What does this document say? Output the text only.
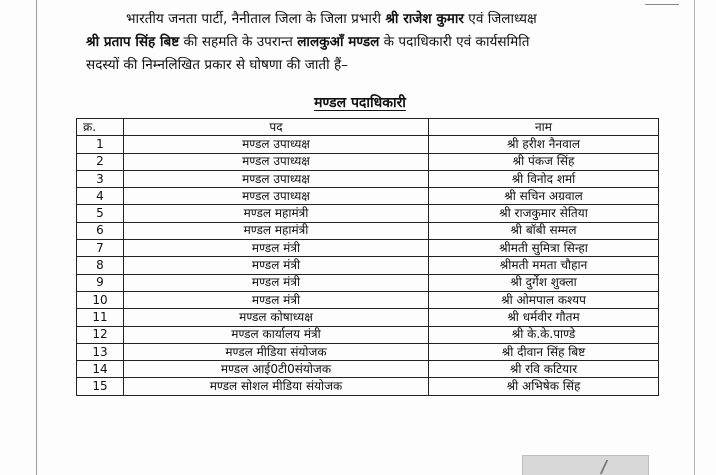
भारतीय जनता पार्टी, नैनीताल जिला के जिला प्रभारी श्री राजेश कुमार एवं जिलाध्यक्ष
श्री प्रताप सिंह बिष्ट की सहमति के उपरान्त लालकुआँ मण्डल के पदाधिकारी एवं कार्यसमिति
सदस्यों की निम्नलिखित प्रकार से घोषणा की जाती हैं–
मण्डल पदाधिकारी
क्र.	पद	नाम
1	मण्डल उपाध्यक्ष	श्री हरीश नैनवाल
2	मण्डल उपाध्यक्ष	श्री पंकज सिंह
3	मण्डल उपाध्यक्ष	श्री विनोद शर्मा
4	मण्डल उपाध्यक्ष	श्री सचिन अग्रवाल
5	मण्डल महामंत्री	श्री राजकुमार सेतिया
6	मण्डल महामंत्री	श्री बॉबी सम्मल
7	मण्डल मंत्री	श्रीमती सुमित्रा सिन्हा
8	मण्डल मंत्री	श्रीमती ममता चौहान
9	मण्डल मंत्री	श्री दुर्गेश शुक्ला
10	मण्डल मंत्री	श्री ओमपाल कश्यप
11	मण्डल कोषाध्यक्ष	श्री धर्मवीर गौतम
12	मण्डल कार्यालय मंत्री	श्री के.के.पाण्डे
13	मण्डल मीडिया संयोजक	श्री दीवान सिंह बिष्ट
14	मण्डल आई0टी0संयोजक	श्री रवि कटियार
15	मण्डल सोशल मीडिया संयोजक	श्री अभिषेक सिंह
